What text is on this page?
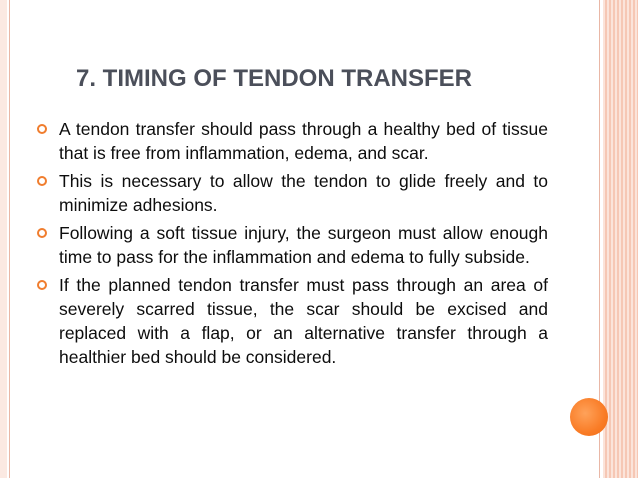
7. TIMING OF TENDON TRANSFER
A tendon transfer should pass through a healthy bed of tissue that is free from inflammation, edema, and scar.
This is necessary to allow the tendon to glide freely and to minimize adhesions.
Following a soft tissue injury, the surgeon must allow enough time to pass for the inflammation and edema to fully subside.
If the planned tendon transfer must pass through an area of severely scarred tissue, the scar should be excised and replaced with a flap, or an alternative transfer through a healthier bed should be considered.
